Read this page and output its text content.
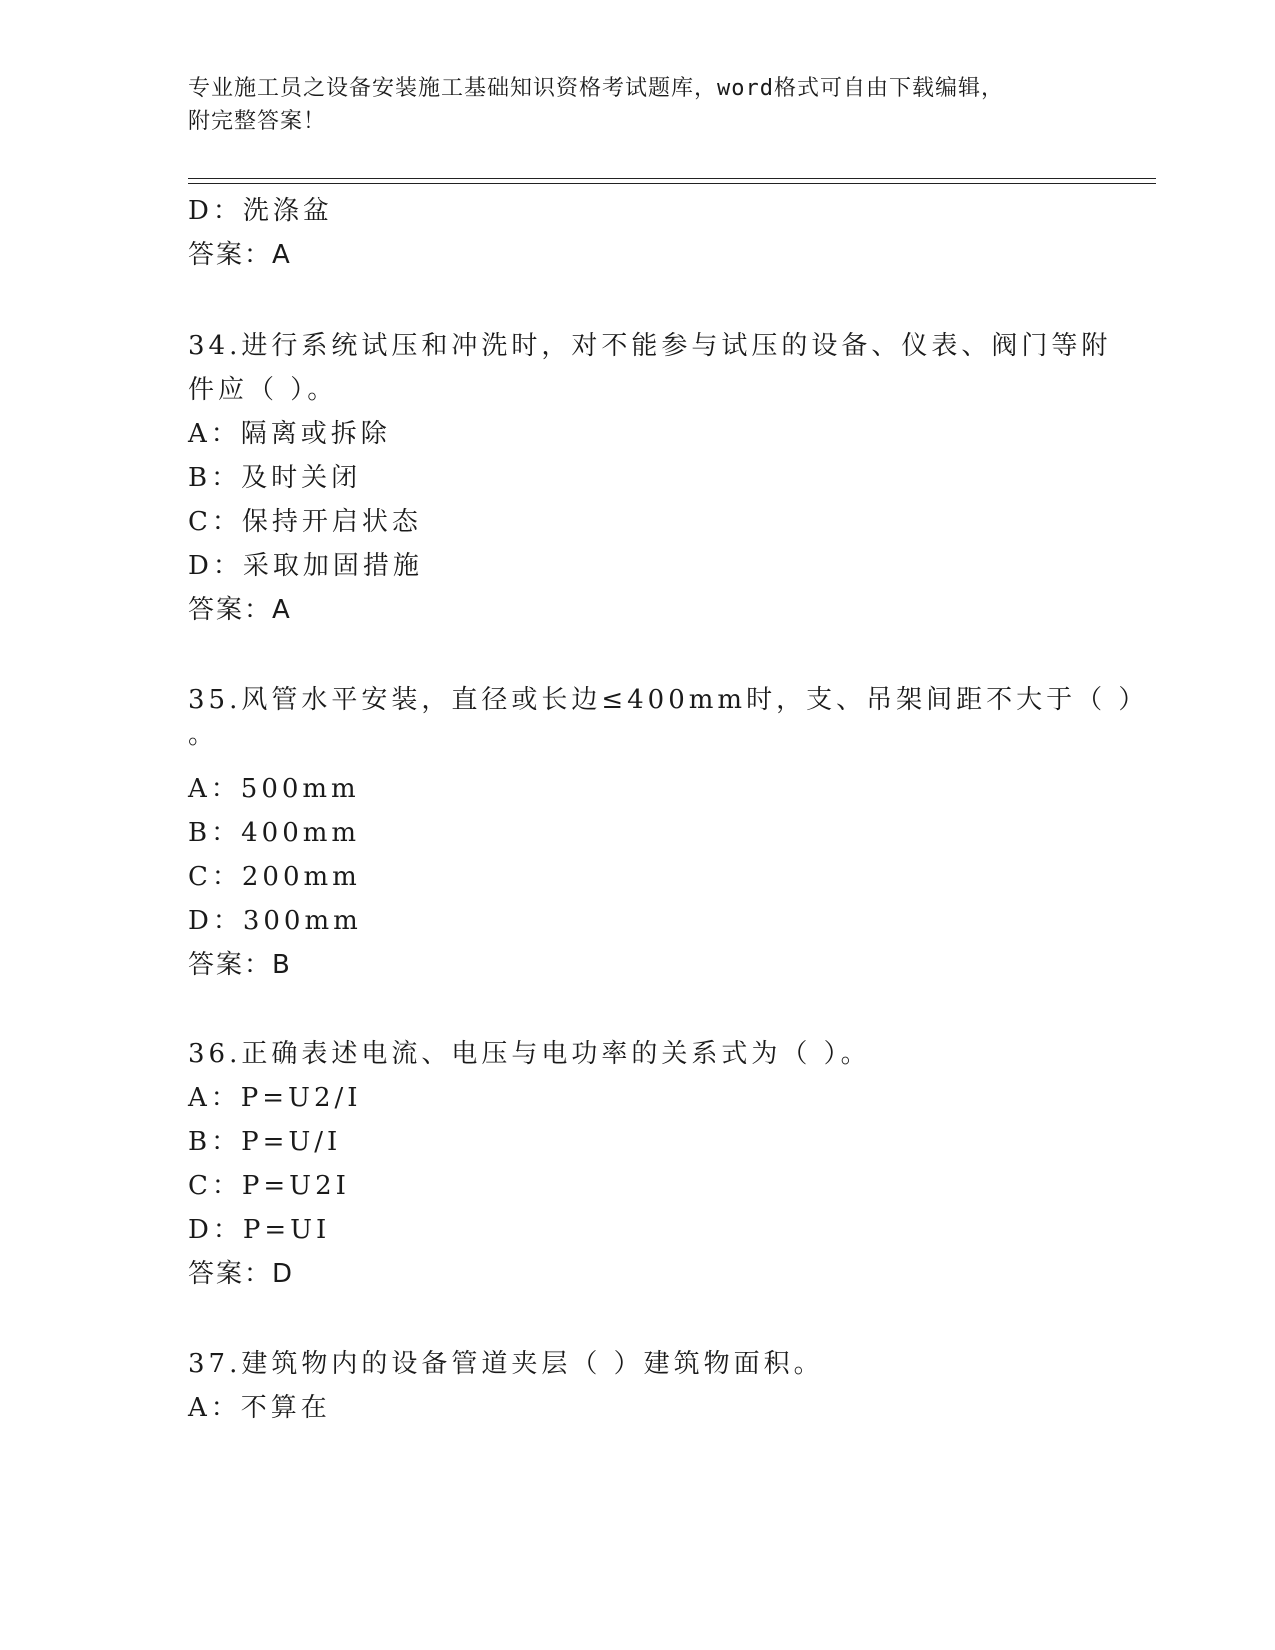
专业施工员之设备安装施工基础知识资格考试题库，word格式可自由下载编辑，
附完整答案！
D：洗涤盆
答案：A
34.进行系统试压和冲洗时，对不能参与试压的设备、仪表、阀门等附
件应（ ）。
A：隔离或拆除
B：及时关闭
C：保持开启状态
D：采取加固措施
答案：A
35.风管水平安装，直径或长边≤400mm时，支、吊架间距不大于（ ）
。
A：500mm
B：400mm
C：200mm
D：300mm
答案：B
36.正确表述电流、电压与电功率的关系式为（ ）。
A：P=U2/I
B：P=U/I
C：P=U2I
D：P=UI
答案：D
37.建筑物内的设备管道夹层（ ）建筑物面积。
A：不算在
